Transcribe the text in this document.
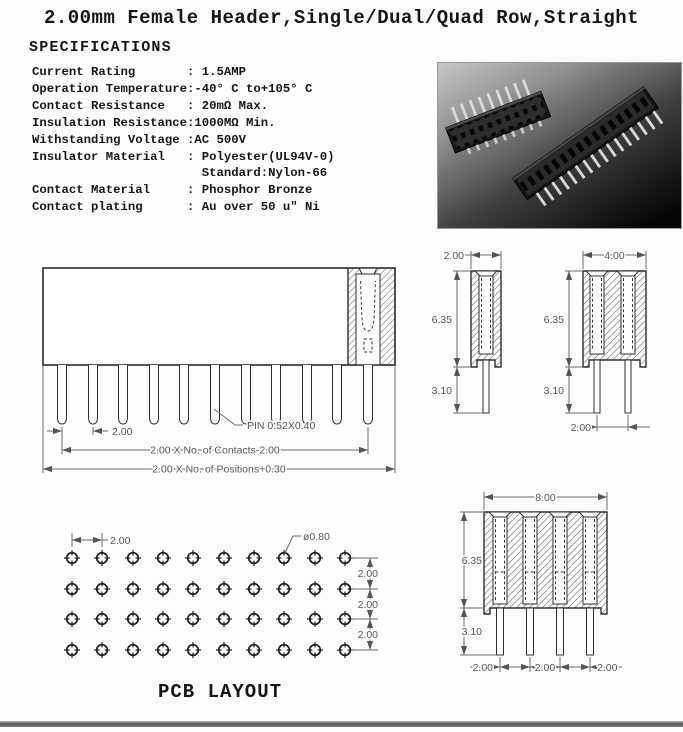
2.00mm Female Header,Single/Dual/Quad Row,Straight
SPECIFICATIONS
Current Rating	: 1.5AMP
Operation Temperature:-40° C to+105° C
Contact Resistance : 20mΩ Max.
Insulation Resistance:1000MΩ Min.
Withstanding Voltage :AC 500V
Insulator Material : Polyester(UL94V-0)
Standard:Nylon-66
Contact Material	: Phosphor Bronze
Contact plating	: Au over 50 u" Ni
2.00	PIN 0.52X0.40
2.00 X No. of Contacts-2.00
2.00 X No. of Positions+0.30
2.00
6.35
3.10
4.00
6.35
3.10
2.00
8.00
6.35
3.10
2.00	2.00	2.00
2.00	ø0.80
2.00
2.00
2.00
PCB LAYOUT
